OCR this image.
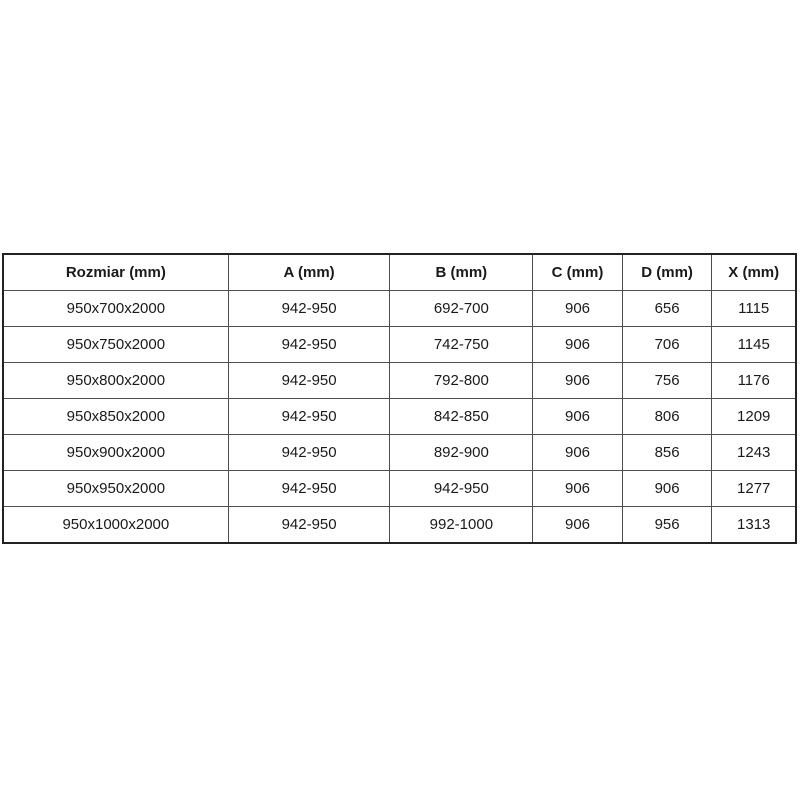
Rozmiar (mm)	A (mm)	B (mm)	C (mm)	D (mm)	X (mm)
950x700x2000	942-950	692-700	906	656	1115
950x750x2000	942-950	742-750	906	706	1145
950x800x2000	942-950	792-800	906	756	1176
950x850x2000	942-950	842-850	906	806	1209
950x900x2000	942-950	892-900	906	856	1243
950x950x2000	942-950	942-950	906	906	1277
950x1000x2000	942-950	992-1000	906	956	1313
